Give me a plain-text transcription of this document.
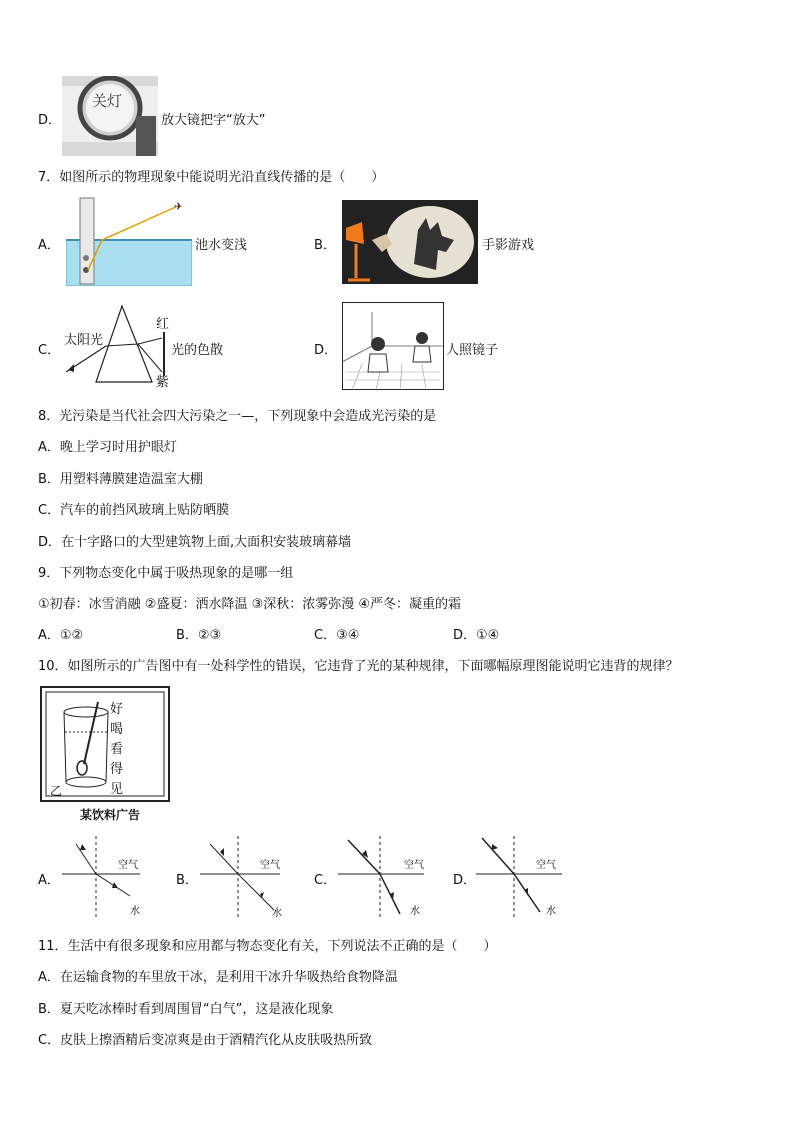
D．
关灯
放大镜把字“放大”
7．如图所示的物理现象中能说明光沿直线传播的是（　　）
A．
✈
池水变浅	B．	手影游戏
C．
太阳光
红
紫
光的色散	D．	人照镜子
8．光污染是当代社会四大污染之一—，下列现象中会造成光污染的是
A．晚上学习时用护眼灯
B．用塑料薄膜建造温室大棚
C．汽车的前挡风玻璃上贴防晒膜
D．在十字路口的大型建筑物上面,大面积安装玻璃幕墙
9．下列物态变化中属于吸热现象的是哪一组
①初春：冰雪消融 ②盛夏：洒水降温 ③深秋：浓雾弥漫 ④严冬：凝重的霜
A．①②	B．②③	C．③④	D．①④
10．如图所示的广告图中有一处科学性的错误，它违背了光的某种规律，下面哪幅原理图能说明它违背的规律？
好喝看得见
乙
某饮料广告
A．
空气
水
B．
空气
水
C．
空气
水
D．
空气
水
11．生活中有很多现象和应用都与物态变化有关，下列说法不正确的是（　　）
A．在运输食物的车里放干冰，是利用干冰升华吸热给食物降温
B．夏天吃冰棒时看到周围冒“白气”，这是液化现象
C．皮肤上擦酒精后变凉爽是由于酒精汽化从皮肤吸热所致
